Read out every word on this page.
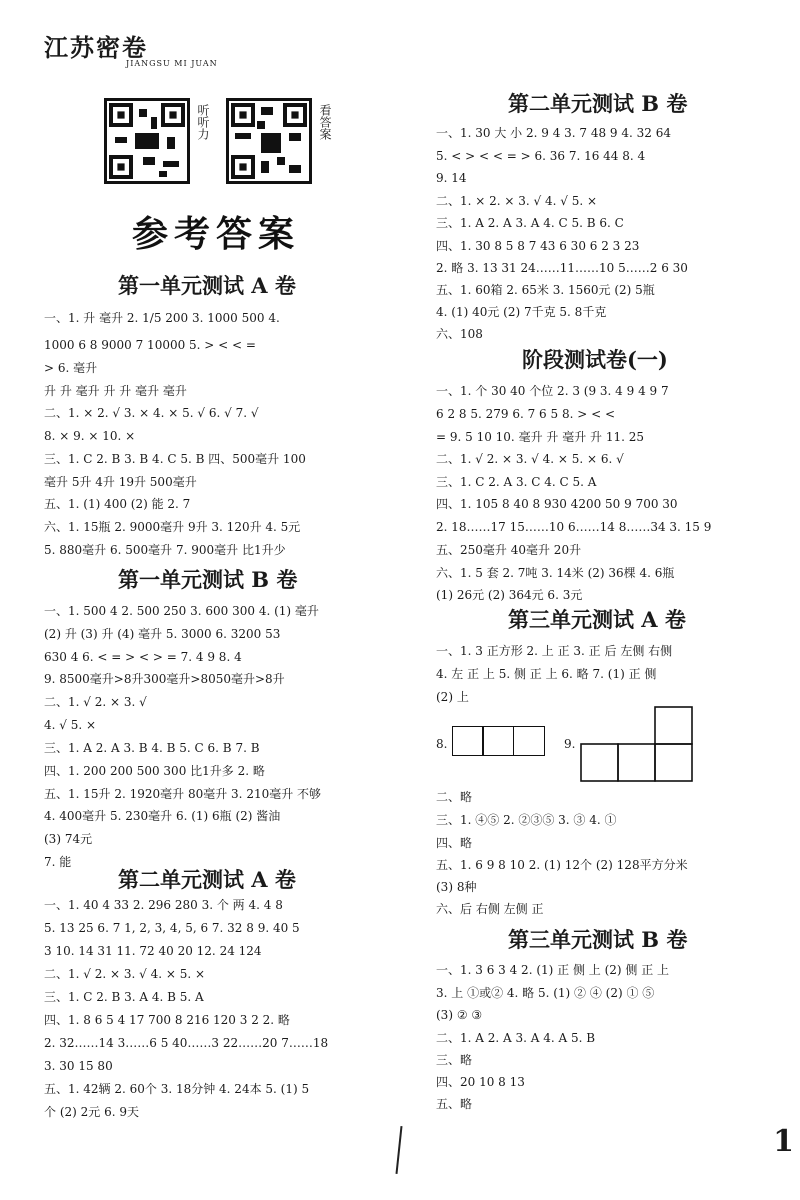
江苏密卷
JIANGSU MI JUAN
听听力	看答案
参考答案
第一单元测试 A 卷
一、1. 升 毫升 2. 1/5 200 3. 1000 500 4.
1000 6 8 9000 7 10000 5. > < < =
> 6. 毫升
升 升 毫升 升 升 毫升 毫升
二、1. × 2. √ 3. × 4. × 5. √ 6. √ 7. √
8. × 9. × 10. ×
三、1. C 2. B 3. B 4. C 5. B 四、500毫升 100
毫升 5升 4升 19升 500毫升
五、1. (1) 400 (2) 能 2. 7
六、1. 15瓶 2. 9000毫升 9升 3. 120升 4. 5元
5. 880毫升 6. 500毫升 7. 900毫升 比1升少
第一单元测试 B 卷
一、1. 500 4 2. 500 250 3. 600 300 4. (1) 毫升
(2) 升 (3) 升 (4) 毫升 5. 3000 6. 3200 53
630 4 6. < = > < > = 7. 4 9 8. 4
9. 8500毫升>8升300毫升>8050毫升>8升
二、1. √ 2. × 3. √
4. √ 5. ×
三、1. A 2. A 3. B 4. B 5. C 6. B 7. B
四、1. 200 200 500 300 比1升多 2. 略
五、1. 15升 2. 1920毫升 80毫升 3. 210毫升 不够
4. 400毫升 5. 230毫升 6. (1) 6瓶 (2) 酱油
(3) 74元
7. 能
第二单元测试 A 卷
一、1. 40 4 33 2. 296 280 3. 个 两 4. 4 8
5. 13 25 6. 7 1, 2, 3, 4, 5, 6 7. 32 8 9. 40 5
3 10. 14 31 11. 72 40 20 12. 24 124
二、1. √ 2. × 3. √ 4. × 5. ×
三、1. C 2. B 3. A 4. B 5. A
四、1. 8 6 5 4 17 700 8 216 120 3 2 2. 略
2. 32……14 3……6 5 40……3 22……20 7……18
3. 30 15 80
五、1. 42辆 2. 60个 3. 18分钟 4. 24本 5. (1) 5
个 (2) 2元 6. 9天
第二单元测试 B 卷
一、1. 30 大 小 2. 9 4 3. 7 48 9 4. 32 64
5. < > < < = > 6. 36 7. 16 44 8. 4
9. 14
二、1. × 2. × 3. √ 4. √ 5. ×
三、1. A 2. A 3. A 4. C 5. B 6. C
四、1. 30 8 5 8 7 43 6 30 6 2 3 23
2. 略 3. 13 31 24……11……10 5……2 6 30
五、1. 60箱 2. 65米 3. 1560元 (2) 5瓶
4. (1) 40元 (2) 7千克 5. 8千克
六、108
阶段测试卷(一)
一、1. 个 30 40 个位 2. 3 (9 3. 4 9 4 9 7
6 2 8 5. 279 6. 7 6 5 8. > < <
= 9. 5 10 10. 毫升 升 毫升 升 11. 25
二、1. √ 2. × 3. √ 4. × 5. × 6. √
三、1. C 2. A 3. C 4. C 5. A
四、1. 105 8 40 8 930 4200 50 9 700 30
2. 18……17 15……10 6……14 8……34 3. 15 9
五、250毫升 40毫升 20升
六、1. 5 套 2. 7吨 3. 14米 (2) 36棵 4. 6瓶
(1) 26元 (2) 364元 6. 3元
第三单元测试 A 卷
一、1. 3 正方形 2. 上 正 3. 正 后 左侧 右侧
4. 左 正 上 5. 侧 正 上 6. 略 7. (1) 正 侧
(2) 上
8.	9.
二、略
三、1. ④⑤ 2. ②③⑤ 3. ③ 4. ①
四、略
五、1. 6 9 8 10 2. (1) 12个 (2) 128平方分米
(3) 8种
六、后 右侧 左侧 正
第三单元测试 B 卷
一、1. 3 6 3 4 2. (1) 正 侧 上 (2) 侧 正 上
3. 上 ①或② 4. 略 5. (1) ② ④ (2) ① ⑤
(3) ② ③
二、1. A 2. A 3. A 4. A 5. B
三、略
四、20 10 8 13
五、略
1
